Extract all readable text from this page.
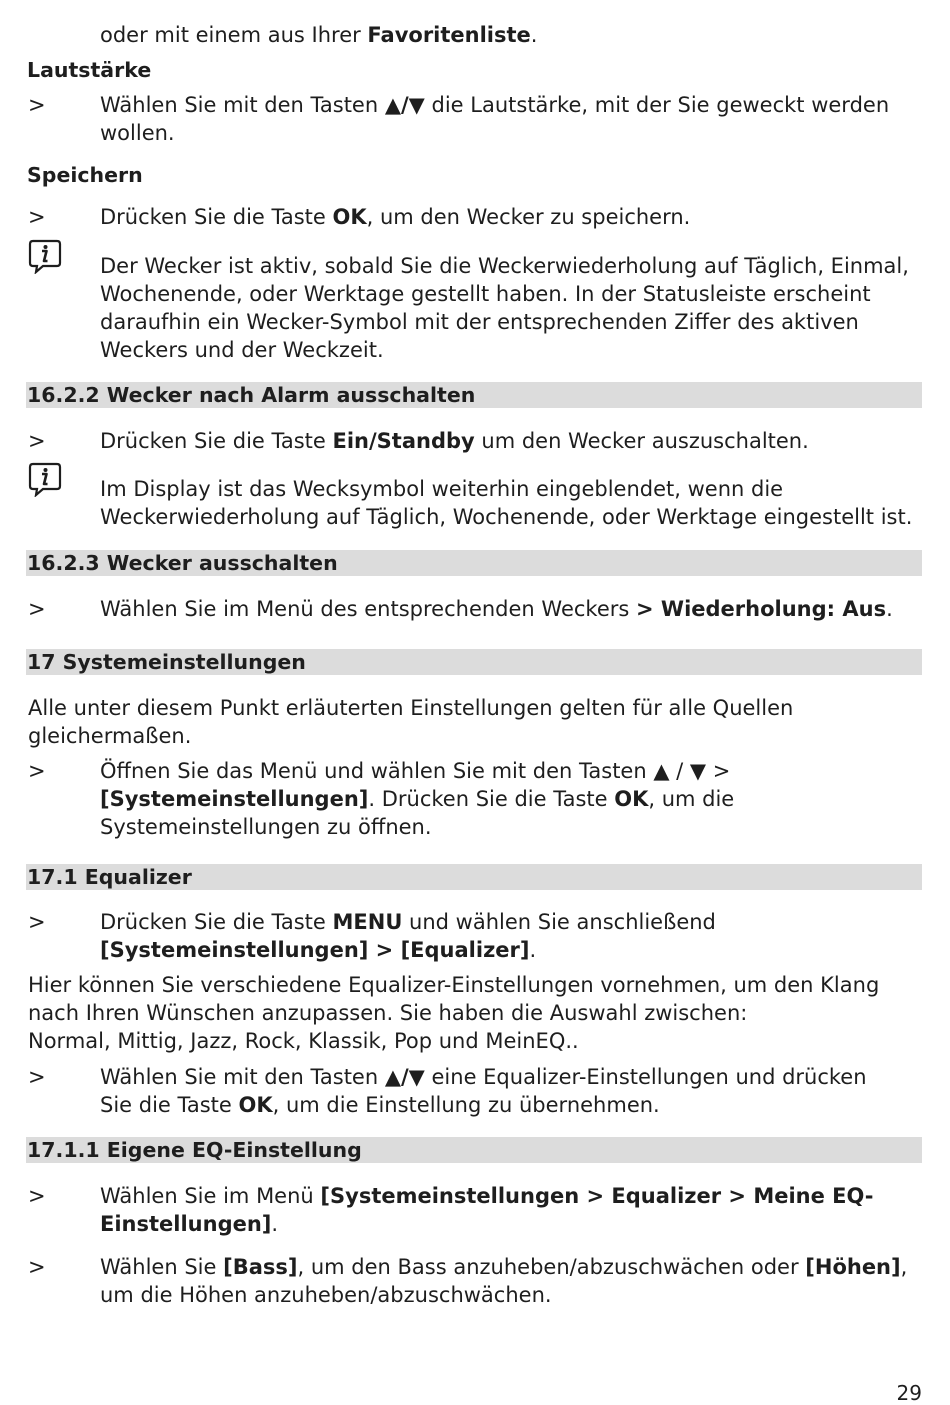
oder mit einem aus Ihrer Favoritenliste.
Lautstärke
>	Wählen Sie mit den Tasten ▲/▼ die Lautstärke, mit der Sie geweckt werden
wollen.
Speichern
>	Drücken Sie die Taste OK, um den Wecker zu speichern.
Der Wecker ist aktiv, sobald Sie die Weckerwiederholung auf Täglich, Einmal,
Wochenende, oder Werktage gestellt haben. In der Statusleiste erscheint
daraufhin ein Wecker-Symbol mit der entsprechenden Ziffer des aktiven
Weckers und der Weckzeit.
16.2.2 Wecker nach Alarm ausschalten
>	Drücken Sie die Taste Ein/Standby um den Wecker auszuschalten.
Im Display ist das Wecksymbol weiterhin eingeblendet, wenn die
Weckerwiederholung auf Täglich, Wochenende, oder Werktage eingestellt ist.
16.2.3 Wecker ausschalten
>	Wählen Sie im Menü des entsprechenden Weckers > Wiederholung: Aus.
17 Systemeinstellungen
Alle unter diesem Punkt erläuterten Einstellungen gelten für alle Quellen
gleichermaßen.
>	Öffnen Sie das Menü und wählen Sie mit den Tasten ▲ / ▼ >
[Systemeinstellungen]. Drücken Sie die Taste OK, um die
Systemeinstellungen zu öffnen.
17.1 Equalizer
>	Drücken Sie die Taste MENU und wählen Sie anschließend
[Systemeinstellungen] > [Equalizer].
Hier können Sie verschiedene Equalizer-Einstellungen vornehmen, um den Klang
nach Ihren Wünschen anzupassen. Sie haben die Auswahl zwischen:
Normal, Mittig, Jazz, Rock, Klassik, Pop und MeinEQ..
>	Wählen Sie mit den Tasten ▲/▼ eine Equalizer-Einstellungen und drücken
Sie die Taste OK, um die Einstellung zu übernehmen.
17.1.1 Eigene EQ-Einstellung
>	Wählen Sie im Menü [Systemeinstellungen > Equalizer > Meine EQ-
Einstellungen].
>	Wählen Sie [Bass], um den Bass anzuheben/abzuschwächen oder [Höhen],
um die Höhen anzuheben/abzuschwächen.
29
